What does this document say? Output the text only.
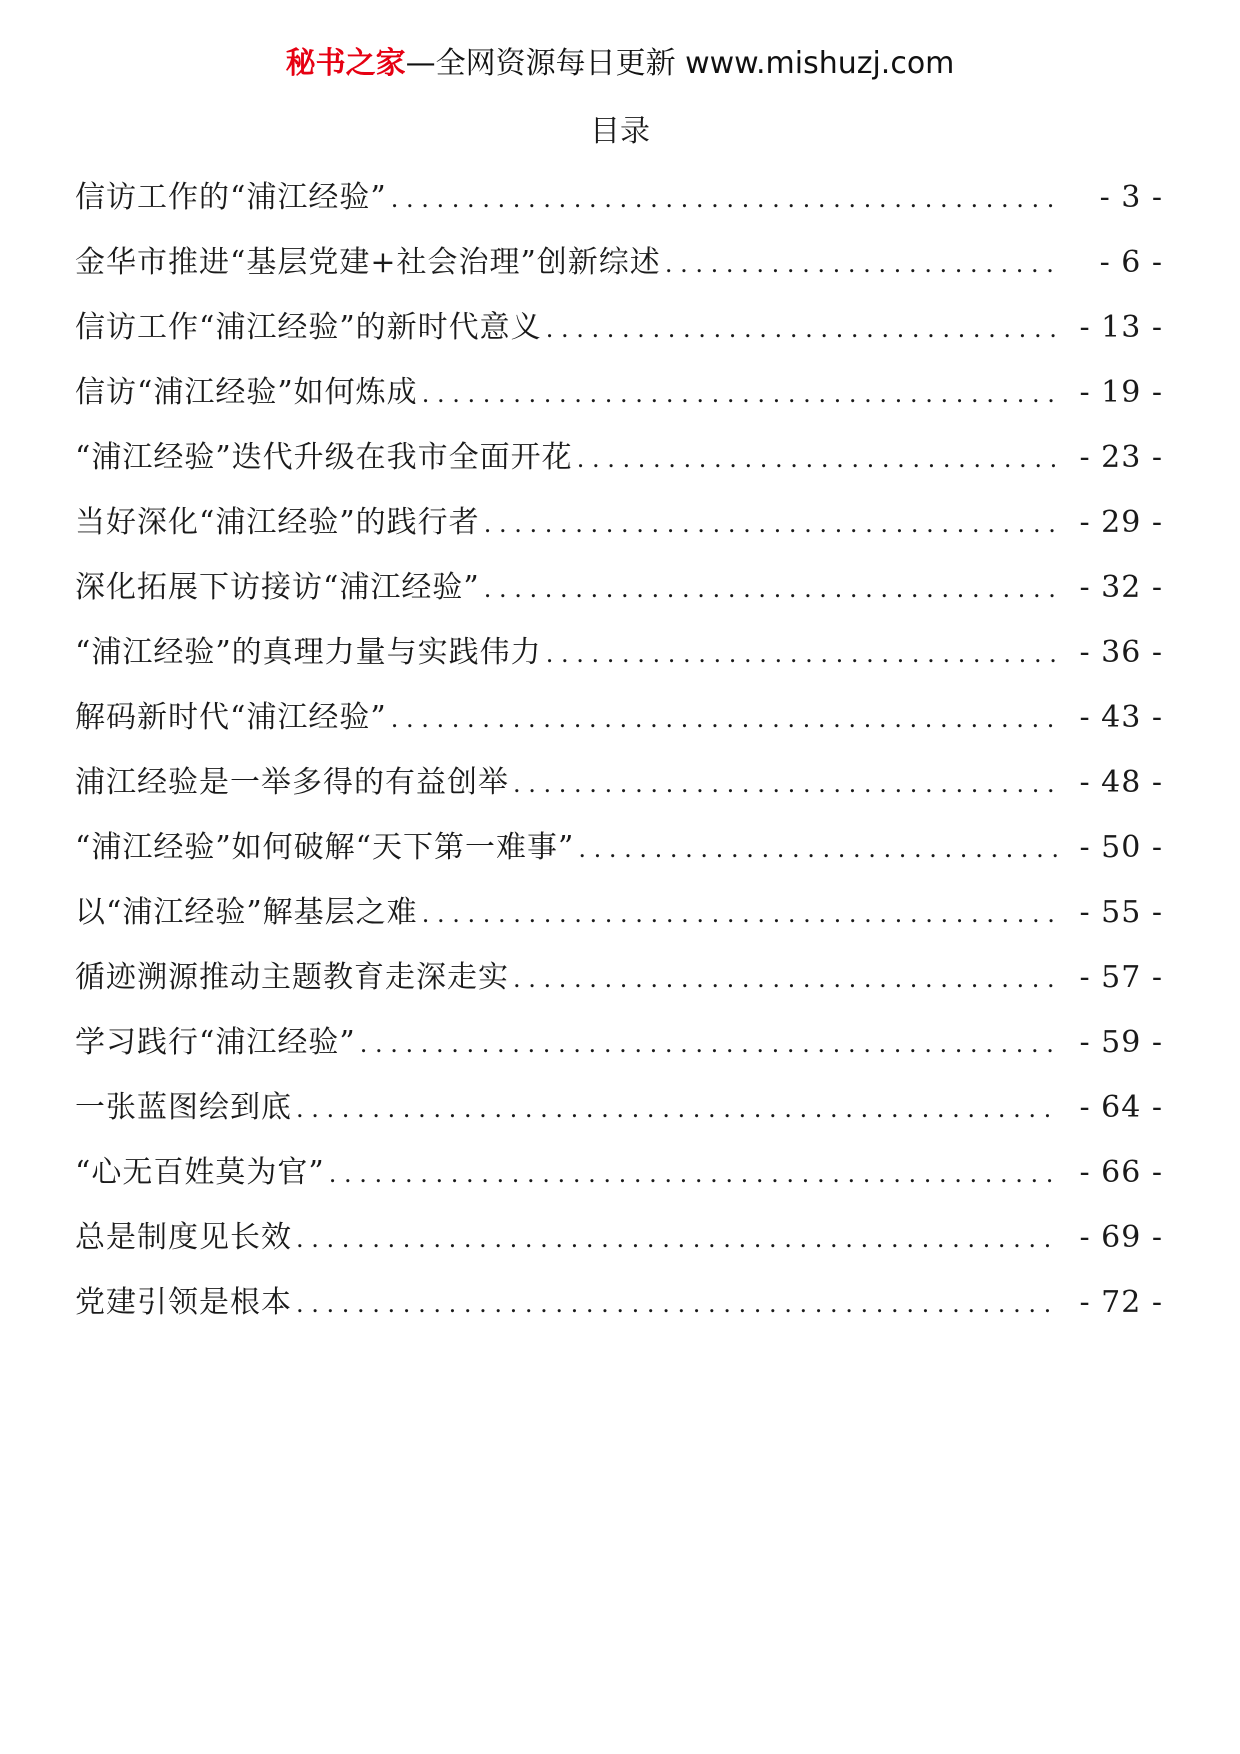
秘书之家—全网资源每日更新 www.mishuzj.com
目录
信访工作的“浦江经验” . . .	- 3 -
金华市推进“基层党建+社会治理”创新综述 . . .	- 6 -
信访工作“浦江经验”的新时代意义 . . .	- 13 -
信访“浦江经验”如何炼成 . . .	- 19 -
“浦江经验”迭代升级在我市全面开花 . . .	- 23 -
当好深化“浦江经验”的践行者 . . .	- 29 -
深化拓展下访接访“浦江经验” . . .	- 32 -
“浦江经验”的真理力量与实践伟力 . . .	- 36 -
解码新时代“浦江经验” . . .	- 43 -
浦江经验是一举多得的有益创举 . . .	- 48 -
“浦江经验”如何破解“天下第一难事” . . .	- 50 -
以“浦江经验”解基层之难 . . .	- 55 -
循迹溯源推动主题教育走深走实 . . .	- 57 -
学习践行“浦江经验” . . .	- 59 -
一张蓝图绘到底 . . .	- 64 -
“心无百姓莫为官” . . .	- 66 -
总是制度见长效 . . .	- 69 -
党建引领是根本 . . .	- 72 -
